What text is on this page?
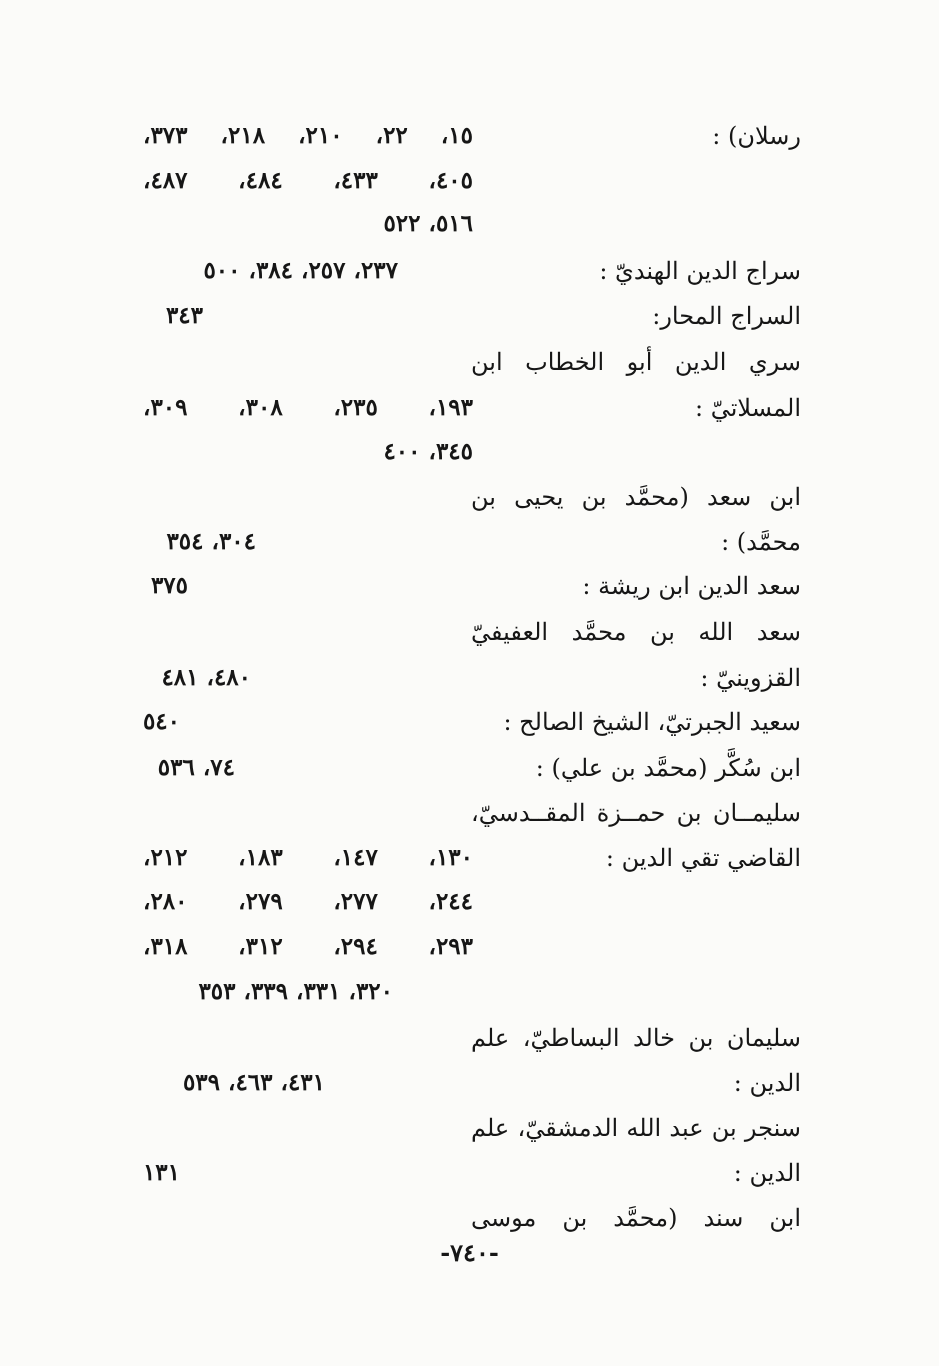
رسلان) :
سراج الدين الهنديّ :
السراج المحار:
سري الدين أبو الخطاب ابن
المسلاتيّ :
ابن سعد (محمَّد بن يحيى بن
محمَّد) :
سعد الدين ابن ريشة :
سعد الله بن محمَّد العفيفيّ
القزوينيّ :
سعيد الجبرتيّ، الشيخ الصالح :
ابن سُكَّر (محمَّد بن علي) :
سليمــان بن حمــزة المقــدسيّ،
القاضي تقي الدين :
سليمان بن خالد البساطيّ، علم
الدين :
سنجر بن عبد الله الدمشقيّ، علم
الدين :
ابن سند (محمَّد بن موسى
١٥، ٢٢، ٢١٠، ٢١٨، ٣٧٣،
٤٠٥، ٤٣٣، ٤٨٤، ٤٨٧،
٥١٦، ٥٢٢
٢٣٧، ٢٥٧، ٣٨٤، ٥٠٠
٣٤٣
١٩٣، ٢٣٥، ٣٠٨، ٣٠٩،
٣٤٥، ٤٠٠
٣٠٤، ٣٥٤
٣٧٥
٤٨٠، ٤٨١
٥٤٠
٧٤، ٥٣٦
١٣٠، ١٤٧، ١٨٣، ٢١٢،
٢٤٤، ٢٧٧، ٢٧٩، ٢٨٠،
٢٩٣، ٢٩٤، ٣١٢، ٣١٨،
٣٢٠، ٣٣١، ٣٣٩، ٣٥٣
٤٣١، ٤٦٣، ٥٣٩
١٣١
-٧٤٠-
